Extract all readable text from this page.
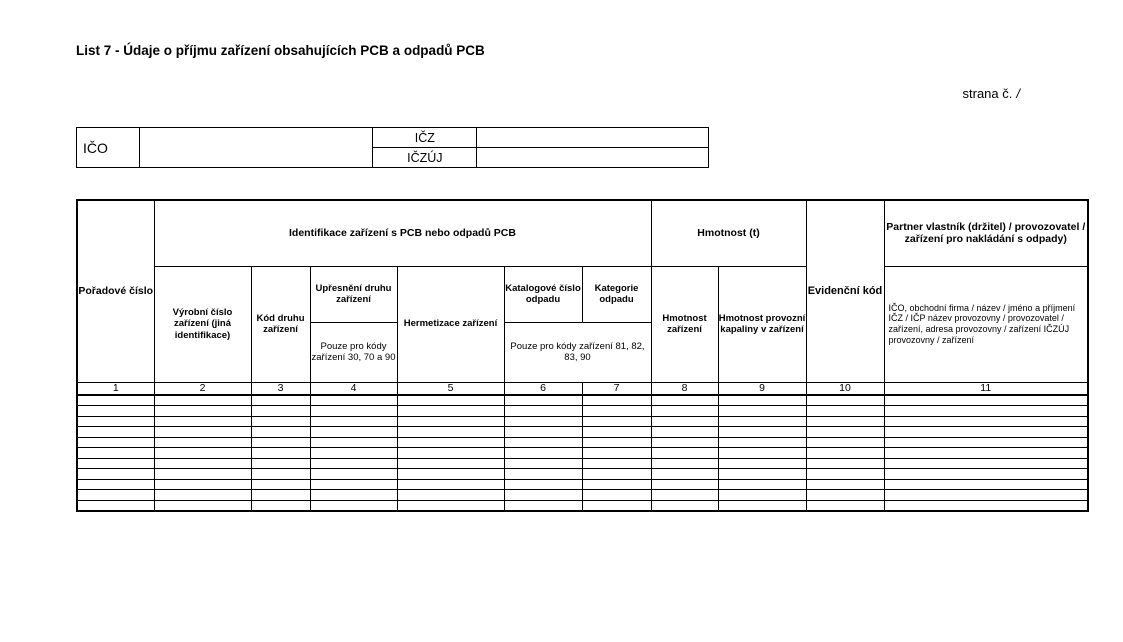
List 7 - Údaje o příjmu zařízení obsahujících PCB a odpadů PCB
strana č. /
IČO		IČZ	
		IČZÚJ	
Pořadové číslo	Identifikace zařízení s PCB nebo odpadů PCB						Hmotnost (t)		Evidenční kód	Partner vlastník (držitel) / provozovatel / zařízení pro nakládání s odpady)
	Výrobní číslo zařízení (jiná identifikace)	Kód druhu zařízení	Upřesnění druhu zařízení	Hermetizace zařízení	Katalogové číslo odpadu	Kategorie odpadu	Hmotnost zařízení	Hmotnost provozní kapaliny v zařízení		IČO, obchodní firma / název / jméno a příjmení IČZ / IČP název provozovny / provozovatel / zařízení, adresa provozovny / zařízení IČZÚJ provozovny / zařízení
			Pouze pro kódy zařízení 30, 70 a 90		Pouze pro kódy zařízení 81, 82, 83, 90					
1	2	3	4	5	6	7	8	9	10	11
